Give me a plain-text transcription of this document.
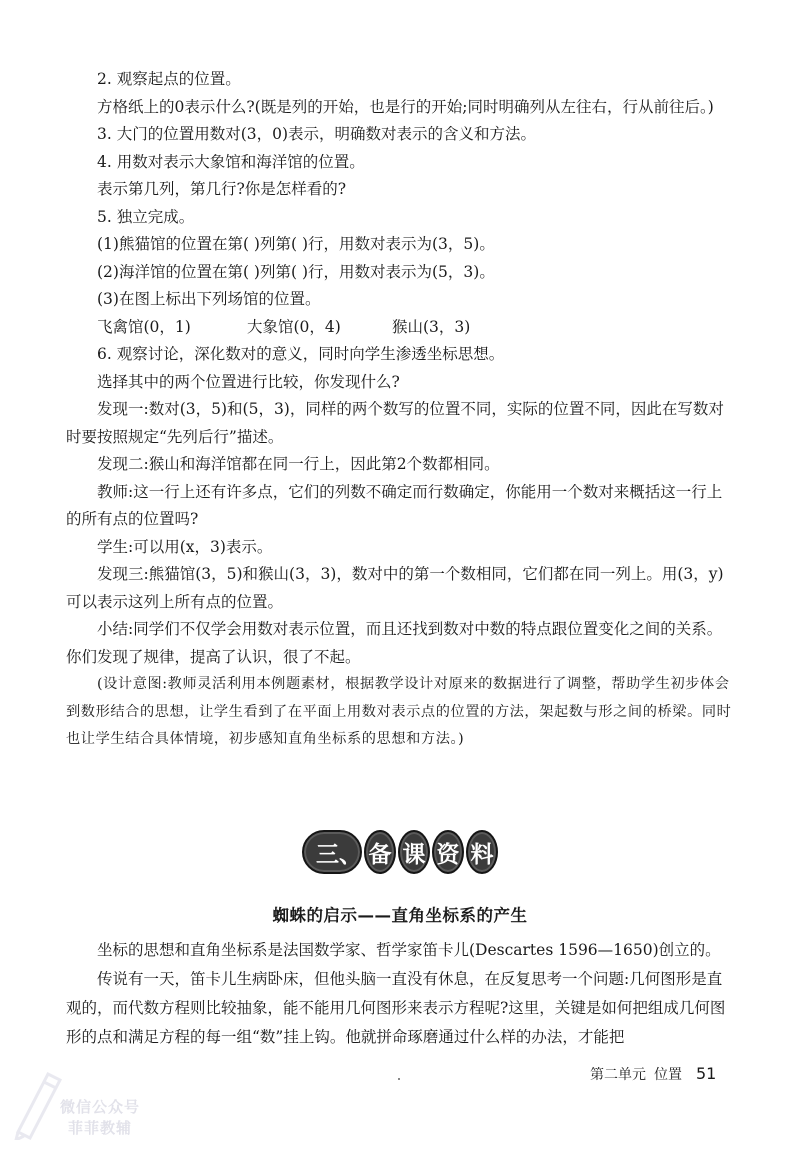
2. 观察起点的位置。

方格纸上的0表示什么?(既是列的开始，也是行的开始;同时明确列从左往右，行从前往后。)

3. 大门的位置用数对(3，0)表示，明确数对表示的含义和方法。

4. 用数对表示大象馆和海洋馆的位置。

表示第几列，第几行?你是怎样看的?

5. 独立完成。

(1)熊猫馆的位置在第( )列第( )行，用数对表示为(3，5)。

(2)海洋馆的位置在第( )列第( )行，用数对表示为(5，3)。

(3)在图上标出下列场馆的位置。

飞禽馆(0，1)	大象馆(0，4)	猴山(3，3)

6. 观察讨论，深化数对的意义，同时向学生渗透坐标思想。

选择其中的两个位置进行比较，你发现什么?

发现一:数对(3，5)和(5，3)，同样的两个数写的位置不同，实际的位置不同，因此在写数对时要按照规定“先列后行”描述。

发现二:猴山和海洋馆都在同一行上，因此第2个数都相同。

教师:这一行上还有许多点，它们的列数不确定而行数确定，你能用一个数对来概括这一行上的所有点的位置吗?

学生:可以用(x，3)表示。

发现三:熊猫馆(3，5)和猴山(3，3)，数对中的第一个数相同，它们都在同一列上。用(3，y)可以表示这列上所有点的位置。

小结:同学们不仅学会用数对表示位置，而且还找到数对中数的特点跟位置变化之间的关系。你们发现了规律，提高了认识，很了不起。

(设计意图:教师灵活利用本例题素材，根据教学设计对原来的数据进行了调整，帮助学生初步体会到数形结合的思想，让学生看到了在平面上用数对表示点的位置的方法，架起数与形之间的桥梁。同时也让学生结合具体情境，初步感知直角坐标系的思想和方法。)

三、 备 课 资 料
蜘蛛的启示——直角坐标系的产生

坐标的思想和直角坐标系是法国数学家、哲学家笛卡儿(Descartes 1596—1650)创立的。

传说有一天，笛卡儿生病卧床，但他头脑一直没有休息，在反复思考一个问题:几何图形是直观的，而代数方程则比较抽象，能不能用几何图形来表示方程呢?这里，关键是如何把组成几何图形的点和满足方程的每一组“数”挂上钩。他就拼命琢磨通过什么样的办法，才能把

微信公众号
菲菲教辅
第二单元 位置 51
